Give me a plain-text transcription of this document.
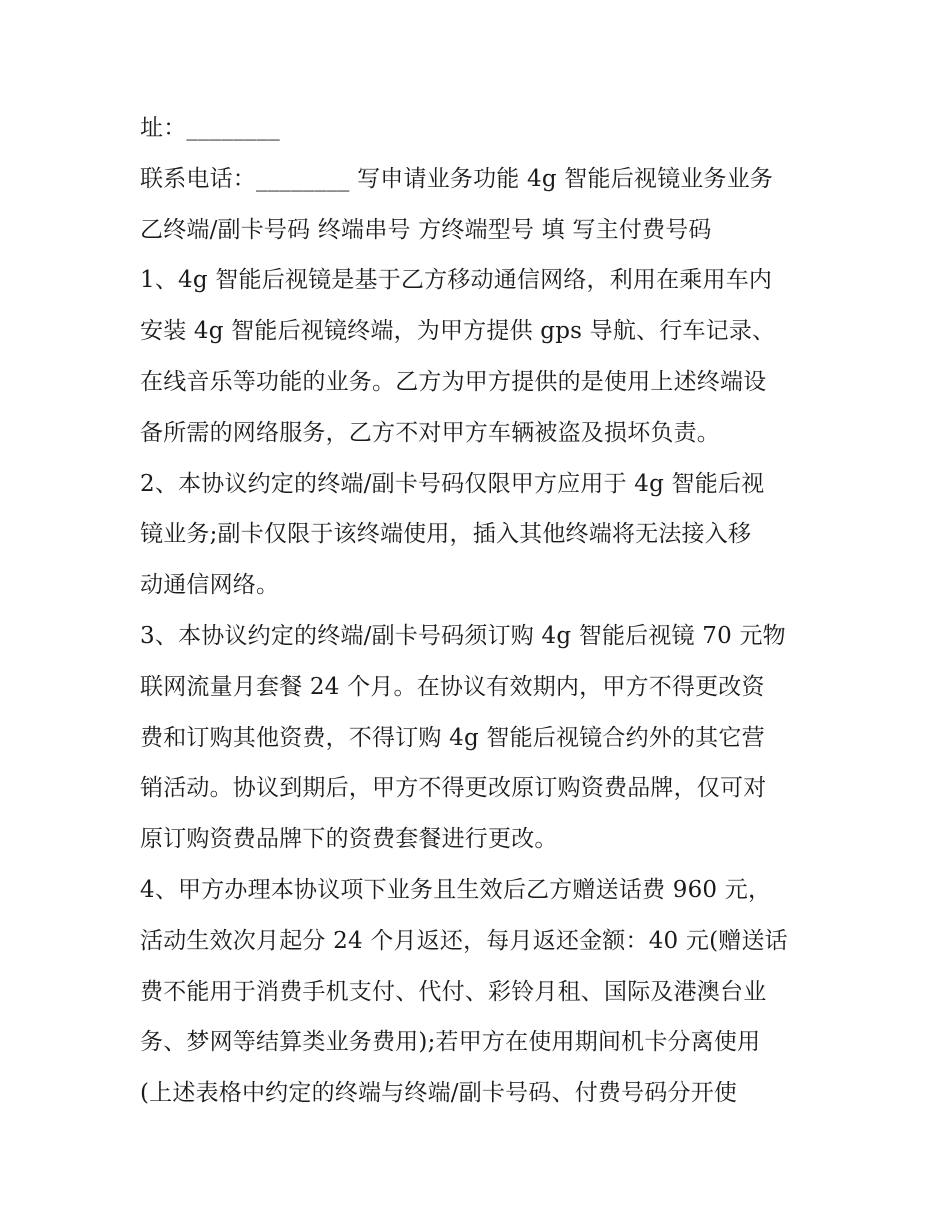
址：________
联系电话：________ 写申请业务功能 4g 智能后视镜业务业务
乙终端/副卡号码 终端串号 方终端型号 填 写主付费号码
1、4g 智能后视镜是基于乙方移动通信网络，利用在乘用车内
安装 4g 智能后视镜终端，为甲方提供 gps 导航、行车记录、
在线音乐等功能的业务。乙方为甲方提供的是使用上述终端设
备所需的网络服务，乙方不对甲方车辆被盗及损坏负责。
2、本协议约定的终端/副卡号码仅限甲方应用于 4g 智能后视
镜业务;副卡仅限于该终端使用，插入其他终端将无法接入移
动通信网络。
3、本协议约定的终端/副卡号码须订购 4g 智能后视镜 70 元物
联网流量月套餐 24 个月。在协议有效期内，甲方不得更改资
费和订购其他资费，不得订购 4g 智能后视镜合约外的其它营
销活动。协议到期后，甲方不得更改原订购资费品牌，仅可对
原订购资费品牌下的资费套餐进行更改。
4、甲方办理本协议项下业务且生效后乙方赠送话费 960 元，
活动生效次月起分 24 个月返还，每月返还金额：40 元(赠送话
费不能用于消费手机支付、代付、彩铃月租、国际及港澳台业
务、梦网等结算类业务费用);若甲方在使用期间机卡分离使用
(上述表格中约定的终端与终端/副卡号码、付费号码分开使
